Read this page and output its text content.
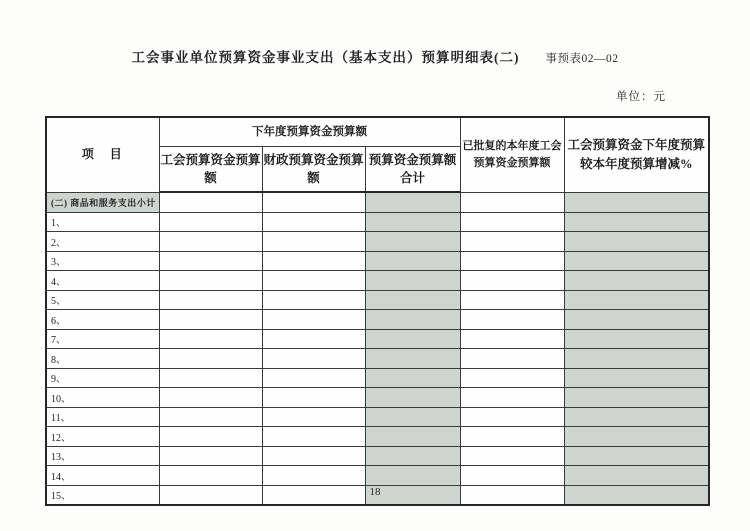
工会事业单位预算资金事业支出（基本支出）预算明细表(二) 事预表02—02
单位：元
项　目	下年度预算资金预算额			已批复的本年度工会预算资金预算额	工会预算资金下年度预算较本年度预算增减%
	工会预算资金预算额	财政预算资金预算额	预算资金预算额合计		
(二) 商品和服务支出小计					
1、					
2、					
3、					
4、					
5、					
6、					
7、					
8、					
9、					
10、					
11、					
12、					
13、					
14、					
15、						18
